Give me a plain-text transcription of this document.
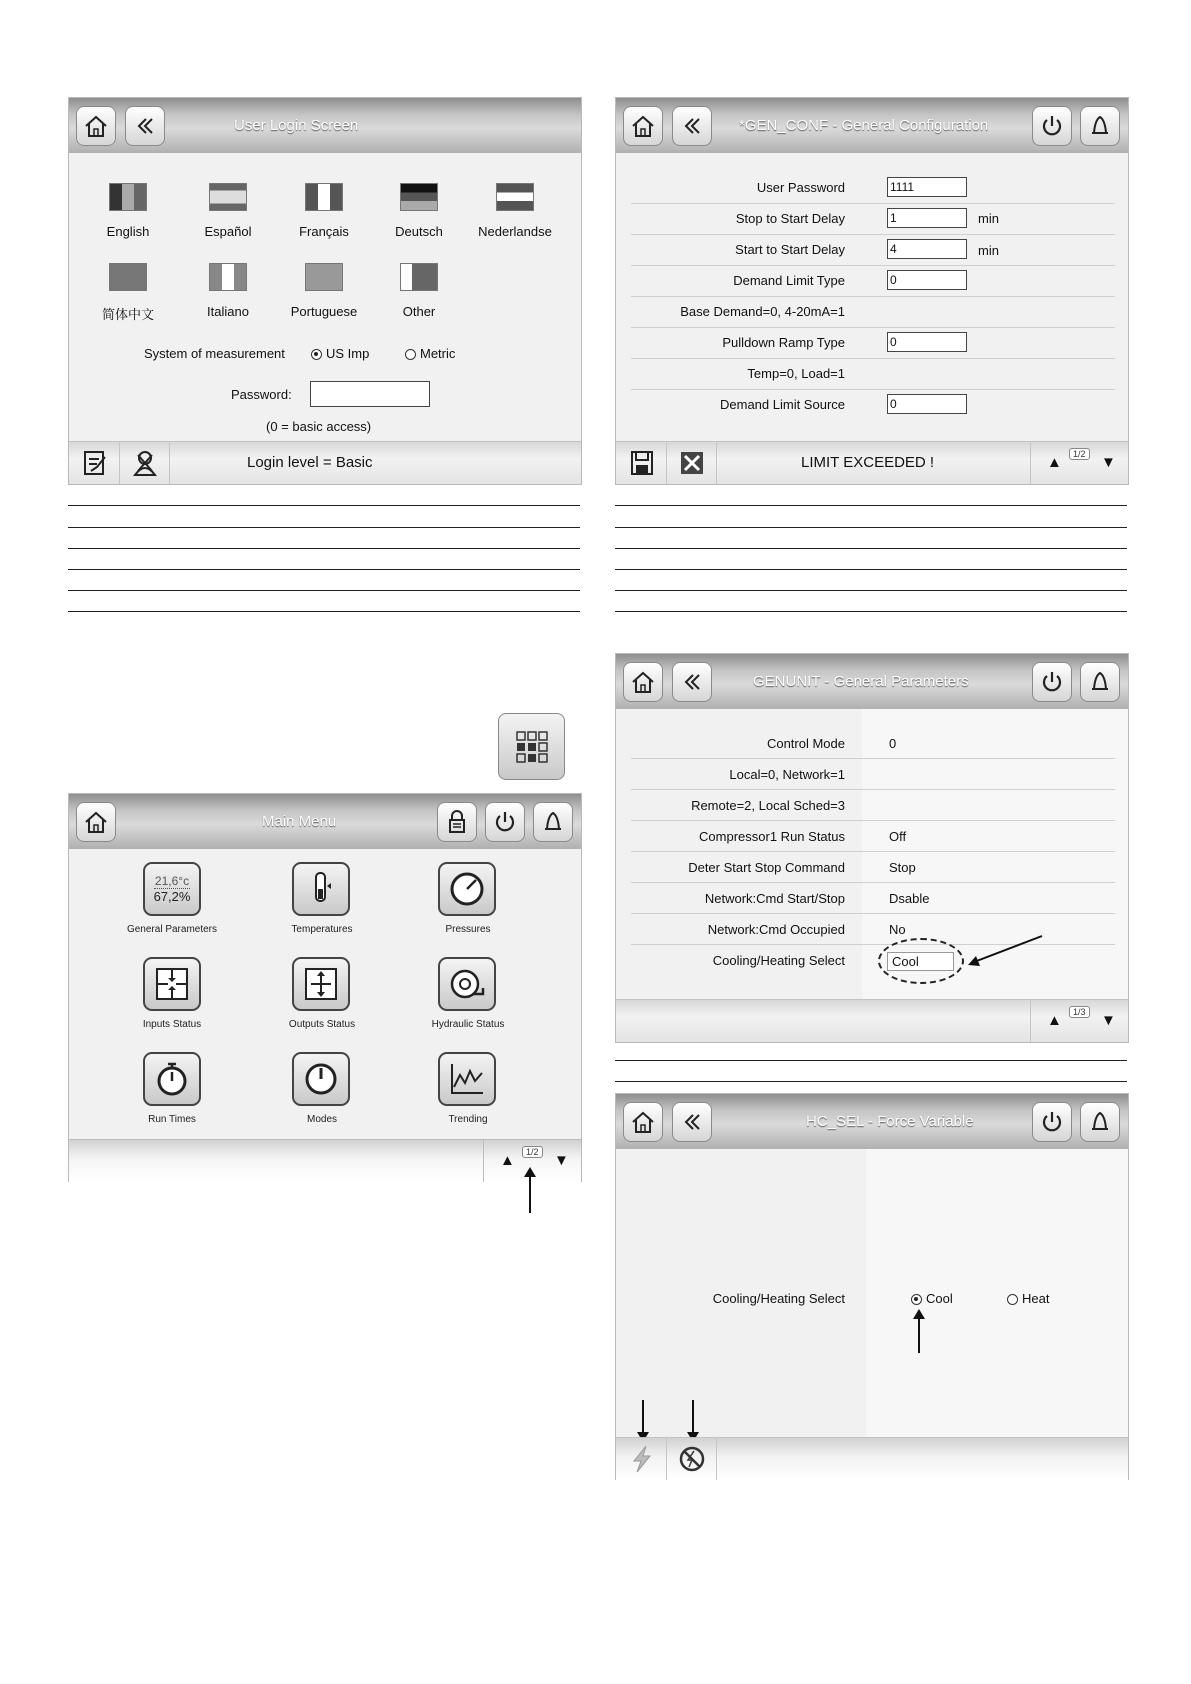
User Login Screen
English	Español	Français	Deutsch	Nederlandse
简体中文	Italiano	Portuguese	Other
System of measurement	US Imp	Metric
Password:
(0 = basic access)
Login level = Basic
*GEN_CONF - General Configuration
User Password	1111
Stop to Start Delay	1	min
Start to Start Delay	4	min
Demand Limit Type	0
Base Demand=0, 4-20mA=1
Pulldown Ramp Type	0
Temp=0, Load=1
Demand Limit Source	0
LIMIT EXCEEDED !	▲	1/2 ▼
Main Menu
21,6°c
67,2%
General Parameters	Temperatures	Pressures
Inputs Status	Outputs Status	Hydraulic Status
Run Times	Modes	Trending
▲	1/2 ▼
GENUNIT - General Parameters
Control Mode	0
Local=0, Network=1
Remote=2, Local Sched=3
Compressor1 Run Status	Off
Deter Start Stop Command	Stop
Network:Cmd Start/Stop	Dsable
Network:Cmd Occupied	No
Cooling/Heating Select	Cool
▲	1/3 ▼
HC_SEL - Force Variable
Cooling/Heating Select	Cool	Heat
